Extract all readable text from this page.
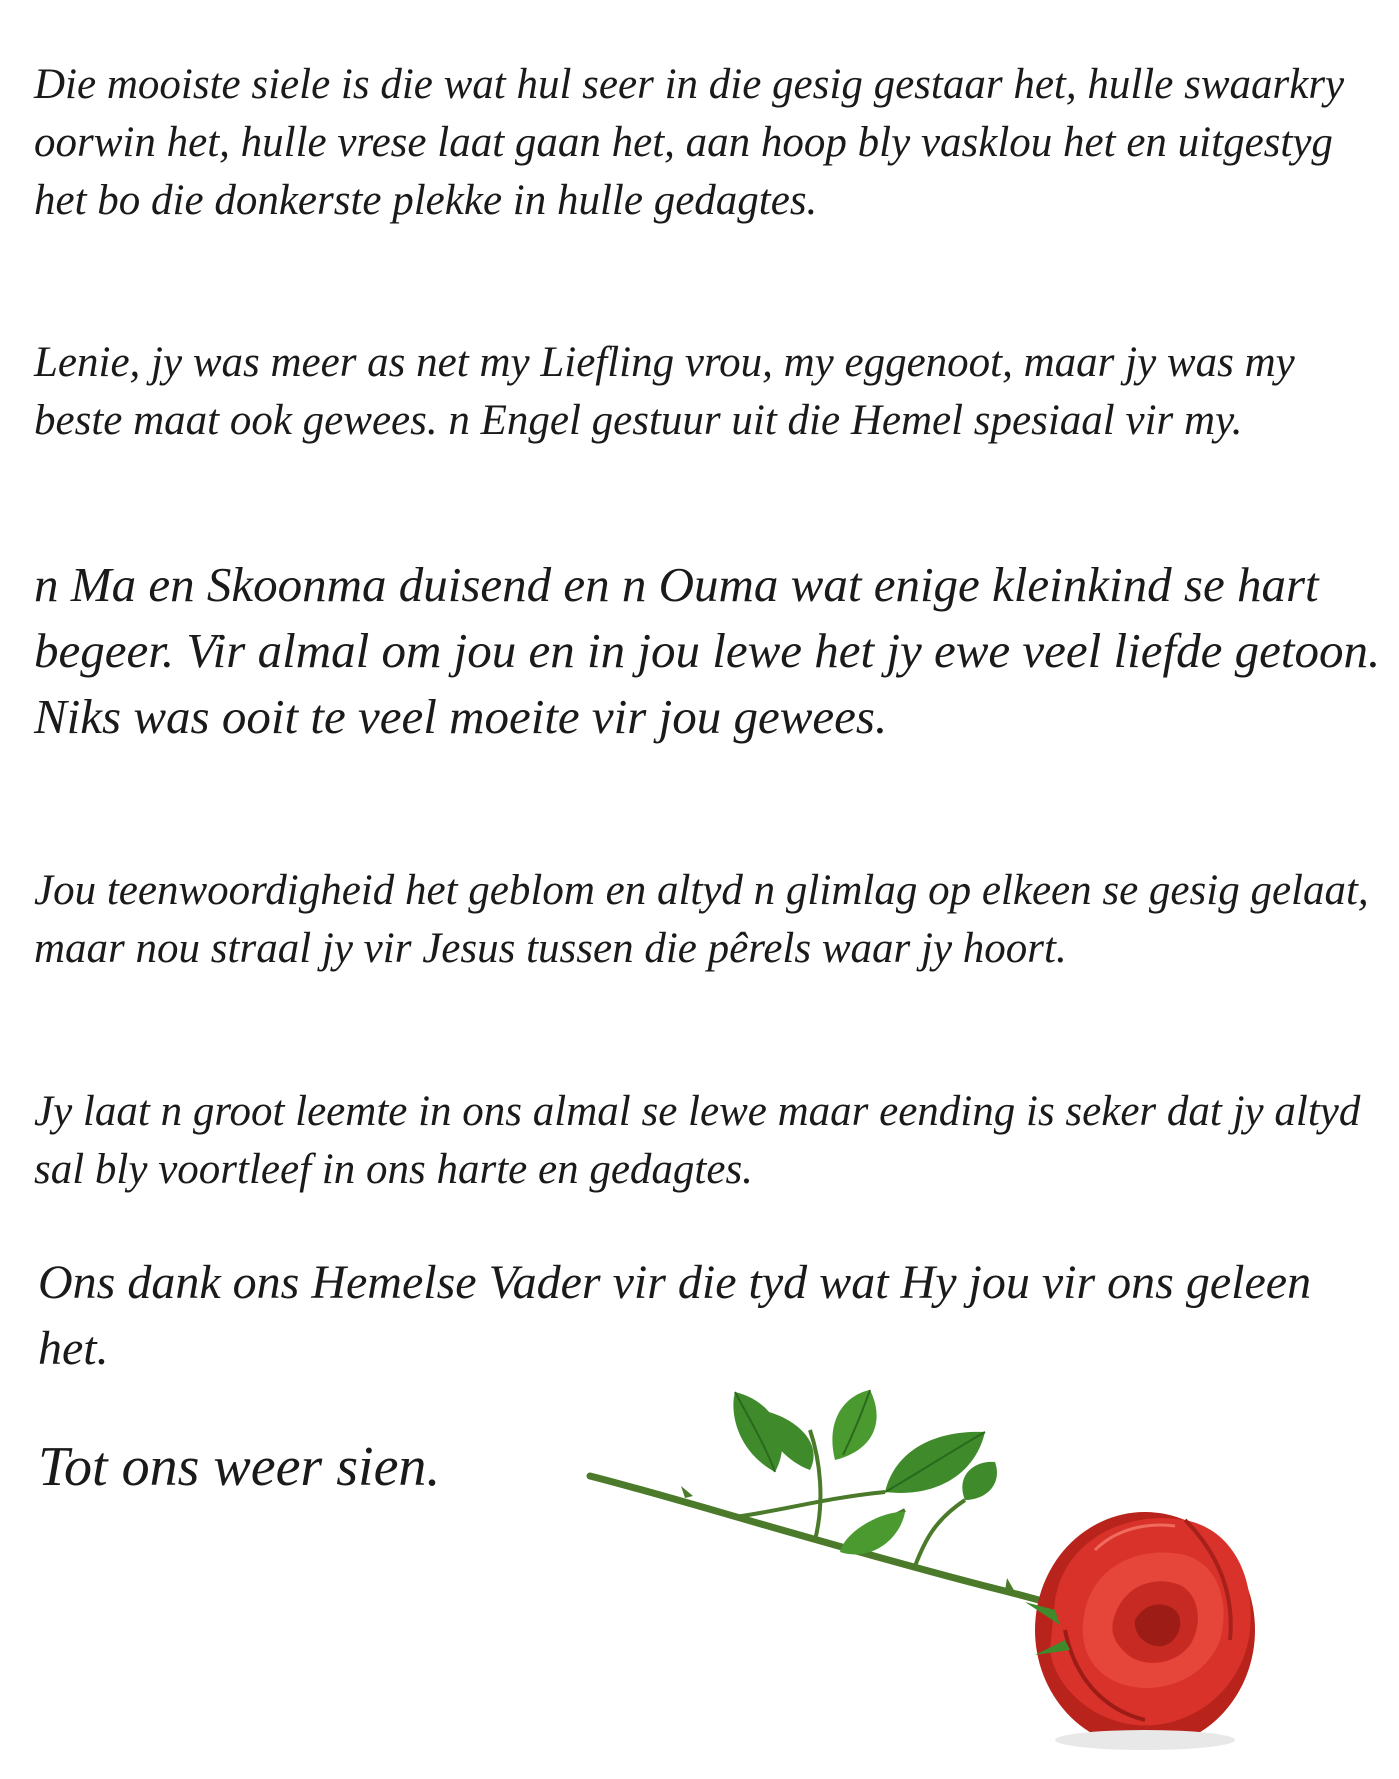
Die mooiste siele is die wat hul seer in die gesig gestaar het, hulle swaarkry oorwin het, hulle vrese laat gaan het, aan hoop bly vasklou het en uitgestyg het bo die donkerste plekke in hulle gedagtes.

Lenie, jy was meer as net my Liefling vrou, my eggenoot, maar jy was my beste maat ook gewees. n Engel gestuur uit die Hemel spesiaal vir my.

n Ma en Skoonma duisend en n Ouma wat enige kleinkind se hart begeer. Vir almal om jou en in jou lewe het jy ewe veel liefde getoon. Niks was ooit te veel moeite vir jou gewees.

Jou teenwoordigheid het geblom en altyd n glimlag op elkeen se gesig gelaat, maar nou straal jy vir Jesus tussen die pêrels waar jy hoort.

Jy laat n groot leemte in ons almal se lewe maar eending is seker dat jy altyd sal bly voortleef in ons harte en gedagtes.

Ons dank ons Hemelse Vader vir die tyd wat Hy jou vir ons geleen het.

Tot ons weer sien.
